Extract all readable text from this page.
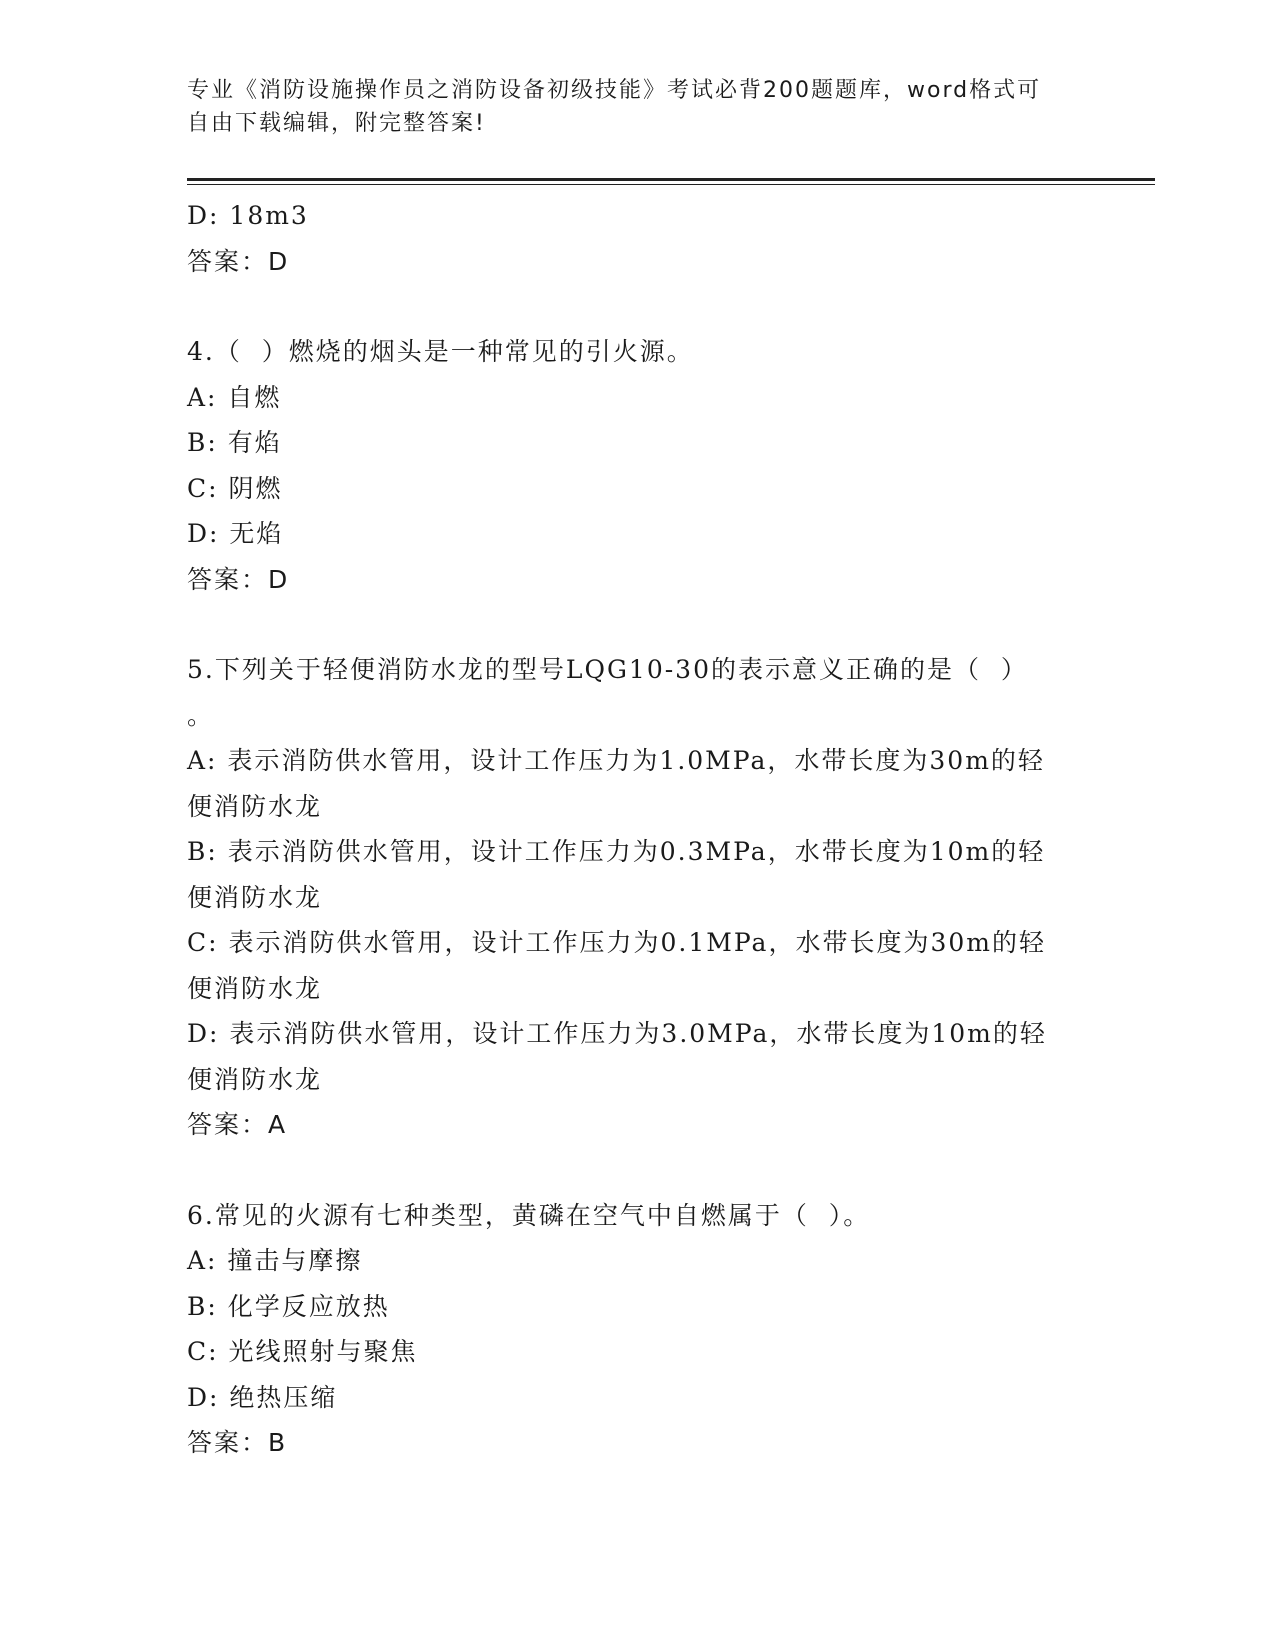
专业《消防设施操作员之消防设备初级技能》考试必背200题题库，word格式可
自由下载编辑，附完整答案!
D: 18m3
答案：D
4.（  ）燃烧的烟头是一种常见的引火源。
A: 自燃
B: 有焰
C: 阴燃
D: 无焰
答案：D
5.下列关于轻便消防水龙的型号LQG10-30的表示意义正确的是（  ）
。
A: 表示消防供水管用，设计工作压力为1.0MPa，水带长度为30m的轻
便消防水龙
B: 表示消防供水管用，设计工作压力为0.3MPa，水带长度为10m的轻
便消防水龙
C: 表示消防供水管用，设计工作压力为0.1MPa，水带长度为30m的轻
便消防水龙
D: 表示消防供水管用，设计工作压力为3.0MPa，水带长度为10m的轻
便消防水龙
答案：A
6.常见的火源有七种类型，黄磷在空气中自燃属于（  ）。
A: 撞击与摩擦
B: 化学反应放热
C: 光线照射与聚焦
D: 绝热压缩
答案：B
